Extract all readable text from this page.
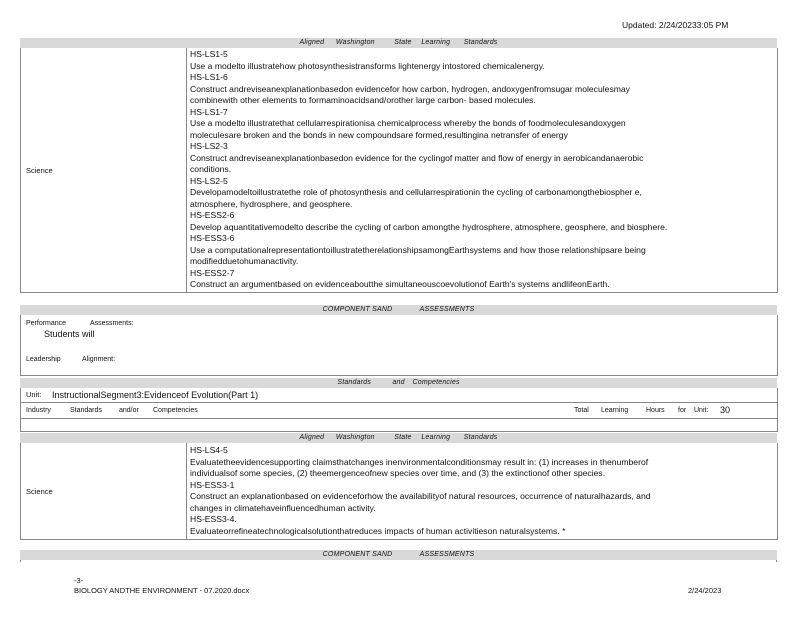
Updated: 2/24/20233:05 PM
Aligned Washington	State Learning Standards
Science
HS-LS1-5
Use a modelto illustratehow photosynthesistransforms lightenergy intostored chemicalenergy.
HS-LS1-6
Construct andreviseanexplanationbasedon evidencefor how carbon, hydrogen, andoxygenfromsugar moleculesmay
combinewith other elements to formaminoacidsand/orother large carbon- based molecules.
HS-LS1-7
Use a modelto illustratethat cellularrespirationisa chemicalprocess whereby the bonds of foodmoleculesandoxygen
moleculesare broken and the bonds in new compoundsare formed,resultingina netransfer of energy
HS-LS2-3
Construct andreviseanexplanationbasedon evidence for the cyclingof matter and flow of energy in aerobicandanaerobic
conditions.
HS-LS2-5
Developamodeltoillustratethe role of photosynthesis and cellularrespirationin the cycling of carbonamongthebiospher e,
atmosphere, hydrosphere, and geosphere.
HS-ESS2-6
Develop aquantitativemodelto describe the cycling of carbon amongthe hydrosphere, atmosphere, geosphere, and biosphere.
HS-ESS3-6
Use a computationalrepresentationtoillustratetherelationshipsamongEarthsystems and how those relationshipsare being
modifiedduetohumanactivity.
HS-ESS2-7
Construct an argumentbased on evidenceaboutthe simultaneouscoevolutionof Earth's systems andlifeonEarth.
COMPONENT SAND	ASSESSMENTS
Performance	Assessments:
Students will
Leadership	Alignment:
Standards	and Competencies
Unit: InstructionalSegment3:Evidenceof Evolution(Part 1)
Industry	Standards and/or Competencies	Total Learning	Hours for Unit: 30
Aligned Washington	State Learning Standards
Science
HS-LS4-5
Evaluatetheevidencesupporting claimsthatchanges inenvironmentalconditionsmay result in: (1) increases in thenumberof
individualsof some species, (2) theemergenceofnew species over time, and (3) the extinctionof other species.
HS-ESS3-1
Construct an explanationbased on evidenceforhow the availabilityof natural resources, occurrence of naturalhazards, and
changes in climatehaveinfluencedhuman activity.
HS-ESS3-4.
Evaluateorrefineatechnologicalsolutionthatreduces impacts of human activitieson naturalsystems. *
COMPONENT SAND	ASSESSMENTS
-3-
BIOLOGY ANDTHE ENVIRONMENT - 07.2020.docx	2/24/2023
